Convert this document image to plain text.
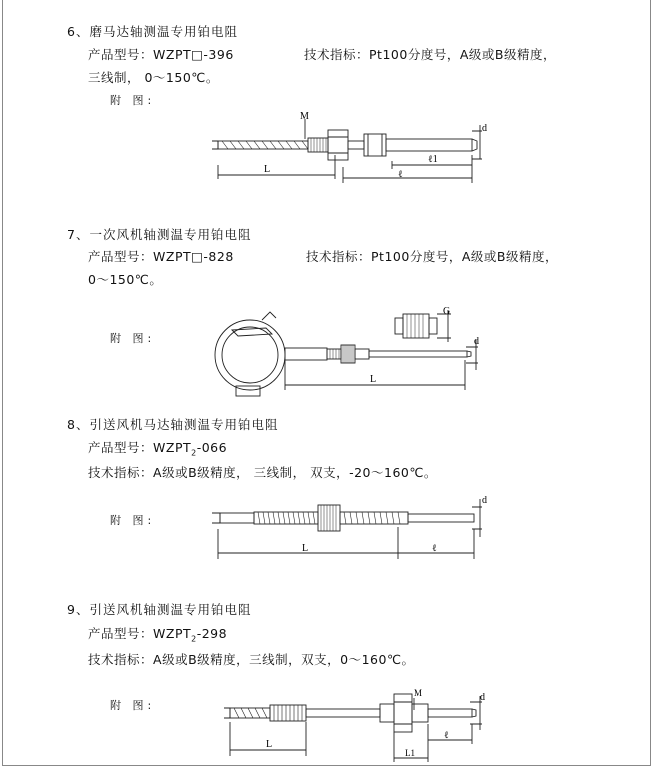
6、磨马达轴测温专用铂电阻
产品型号：WZPT□-396	技术指标：Pt100分度号，A级或B级精度，
三线制， 0～150℃。
附 图:
M
d
ℓ1
L	ℓ
7、一次风机轴测温专用铂电阻
产品型号：WZPT□-828	技术指标：Pt100分度号，A级或B级精度，
0～150℃。
附 图:
G
d
L
8、引送风机马达轴测温专用铂电阻
产品型号：$WZPT_2-066$
技术指标：A级或B级精度， 三线制， 双支，-20～160℃。
附 图:
d
L	ℓ
9、引送风机轴测温专用铂电阻
产品型号：$WZPT_2-298$
技术指标：A级或B级精度，三线制，双支，0～160℃。
附 图:
M	d
L
ℓ
L1
